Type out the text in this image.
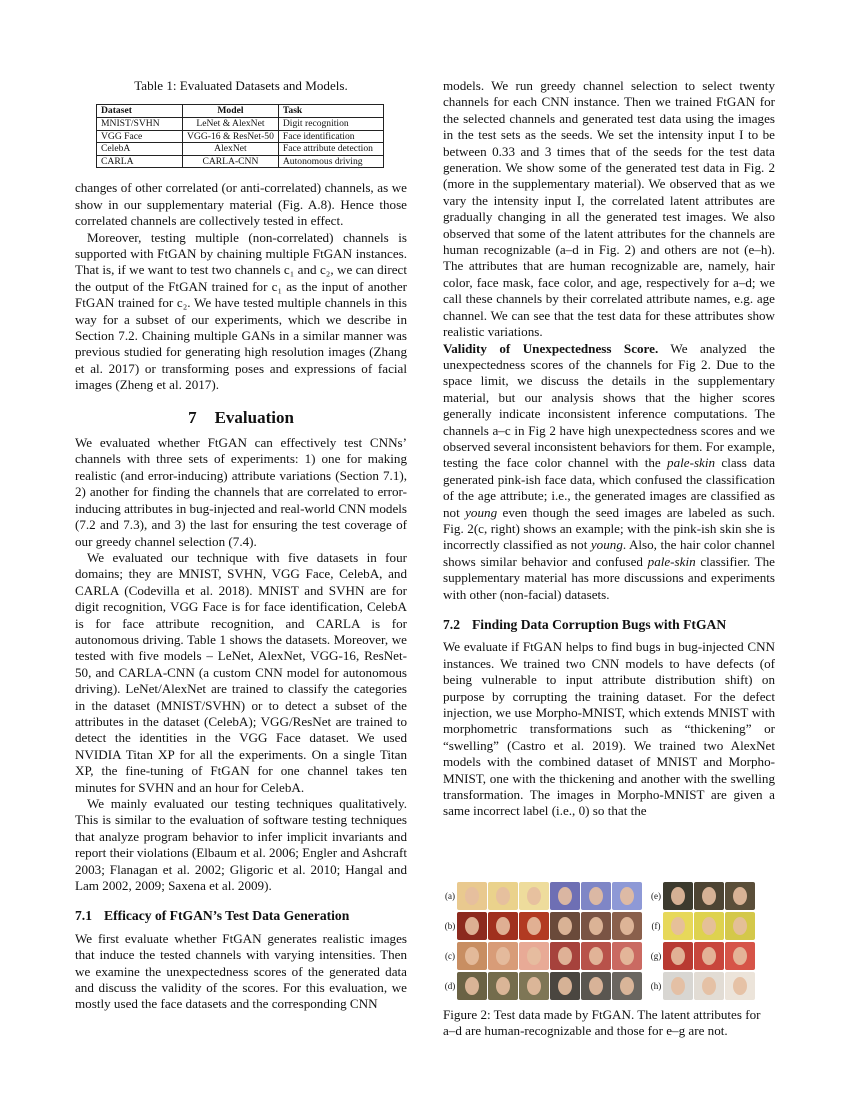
Table 1: Evaluated Datasets and Models.
Dataset	Model	Task
MNIST/SVHN	LeNet & AlexNet	Digit recognition
VGG Face	VGG-16 & ResNet-50	Face identification
CelebA	AlexNet	Face attribute detection
CARLA	CARLA-CNN	Autonomous driving

changes of other correlated (or anti-correlated) channels, as we show in our supplementary material (Fig. A.8). Hence those correlated channels are collectively tested in effect.

Moreover, testing multiple (non-correlated) channels is supported with FtGAN by chaining multiple FtGAN instances. That is, if we want to test two channels c₁ and c₂, we can direct the output of the FtGAN trained for c₁ as the input of another FtGAN trained for c₂. We have tested multiple channels in this way for a subset of our experiments, which we describe in Section 7.2. Chaining multiple GANs in a similar manner was previous studied for generating high resolution images (Zhang et al. 2017) or transforming poses and expressions of facial images (Zheng et al. 2017).

7 Evaluation

We evaluated whether FtGAN can effectively test CNNs’ channels with three sets of experiments: 1) one for making realistic (and error-inducing) attribute variations (Section 7.1), 2) another for finding the channels that are correlated to error-inducing attributes in bug-injected and real-world CNN models (7.2 and 7.3), and 3) the last for ensuring the test coverage of our greedy channel selection (7.4).

We evaluated our technique with five datasets in four domains; they are MNIST, SVHN, VGG Face, CelebA, and CARLA (Codevilla et al. 2018). MNIST and SVHN are for digit recognition, VGG Face is for face identification, CelebA is for face attribute recognition, and CARLA is for autonomous driving. Table 1 shows the datasets. Moreover, we tested with five models – LeNet, AlexNet, VGG-16, ResNet-50, and CARLA-CNN (a custom CNN model for autonomous driving). LeNet/AlexNet are trained to classify the categories in the dataset (MNIST/SVHN) or to detect a subset of the attributes in the dataset (CelebA); VGG/ResNet are trained to detect the identities in the VGG Face dataset. We used NVIDIA Titan XP for all the experiments. On a single Titan XP, the fine-tuning of FtGAN for one channel takes ten minutes for SVHN and an hour for CelebA.

We mainly evaluated our testing techniques qualitatively. This is similar to the evaluation of software testing techniques that analyze program behavior to infer implicit invariants and report their violations (Elbaum et al. 2006; Engler and Ashcraft 2003; Flanagan et al. 2002; Gligoric et al. 2010; Hangal and Lam 2002, 2009; Saxena et al. 2009).

7.1 Efficacy of FtGAN’s Test Data Generation

We first evaluate whether FtGAN generates realistic images that induce the tested channels with varying intensities. Then we examine the unexpectedness scores of the generated data and discuss the validity of the scores. For this evaluation, we mostly used the face datasets and the corresponding CNN

models. We run greedy channel selection to select twenty channels for each CNN instance. Then we trained FtGAN for the selected channels and generated test data using the images in the test sets as the seeds. We set the intensity input I to be between 0.33 and 3 times that of the seeds for the test data generation. We show some of the generated test data in Fig. 2 (more in the supplementary material). We observed that as we vary the intensity input I, the correlated latent attributes are gradually changing in all the generated test images. We also observed that some of the latent attributes for the channels are human recognizable (a–d in Fig. 2) and others are not (e–h). The attributes that are human recognizable are, namely, hair color, face mask, face color, and age, respectively for a–d; we call these channels by their correlated attribute names, e.g. age channel. We can see that the test data for these attributes show realistic variations.

Validity of Unexpectedness Score. We analyzed the unexpectedness scores of the channels for Fig 2. Due to the space limit, we discuss the details in the supplementary material, but our analysis shows that the higher scores generally indicate inconsistent inference computations. The channels a–c in Fig 2 have high unexpectedness scores and we observed several inconsistent behaviors for them. For example, testing the face color channel with the pale-skin class data generated pink-ish face data, which confused the classification of the age attribute; i.e., the generated images are classified as not young even though the seed images are labeled as such. Fig. 2(c, right) shows an example; with the pink-ish skin she is incorrectly classified as not young. Also, the hair color channel shows similar behavior and confused pale-skin classifier. The supplementary material has more discussions and experiments with other (non-facial) datasets.

7.2 Finding Data Corruption Bugs with FtGAN

We evaluate if FtGAN helps to find bugs in bug-injected CNN instances. We trained two CNN models to have defects (of being vulnerable to input attribute distribution shift) on purpose by corrupting the training dataset. For the defect injection, we use Morpho-MNIST, which extends MNIST with morphometric transformations such as “thickening” or “swelling” (Castro et al. 2019). We trained two AlexNet models with the combined dataset of MNIST and Morpho-MNIST, one with the thickening and another with the swelling transformation. The images in Morpho-MNIST are given a same incorrect label (i.e., 0) so that the

(a)	(e)
(b)	(f)
(c)	(g)
(d)	(h)

Figure 2: Test data made by FtGAN. The latent attributes for a–d are human-recognizable and those for e–g are not.
